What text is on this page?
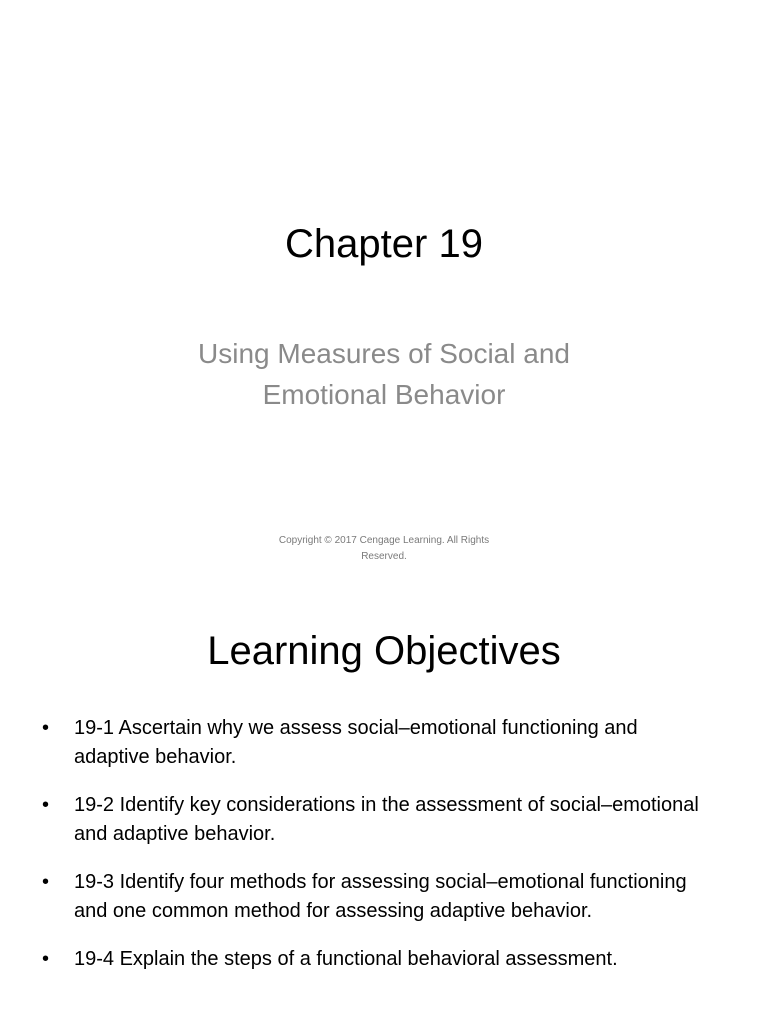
Chapter 19

Using Measures of Social and Emotional Behavior

Copyright © 2017 Cengage Learning. All Rights Reserved.

Learning Objectives
• 19-1 Ascertain why we assess social–emotional functioning and adaptive behavior.
• 19-2 Identify key considerations in the assessment of social–emotional and adaptive behavior.
• 19-3 Identify four methods for assessing social–emotional functioning and one common method for assessing adaptive behavior.
• 19-4 Explain the steps of a functional behavioral assessment.
